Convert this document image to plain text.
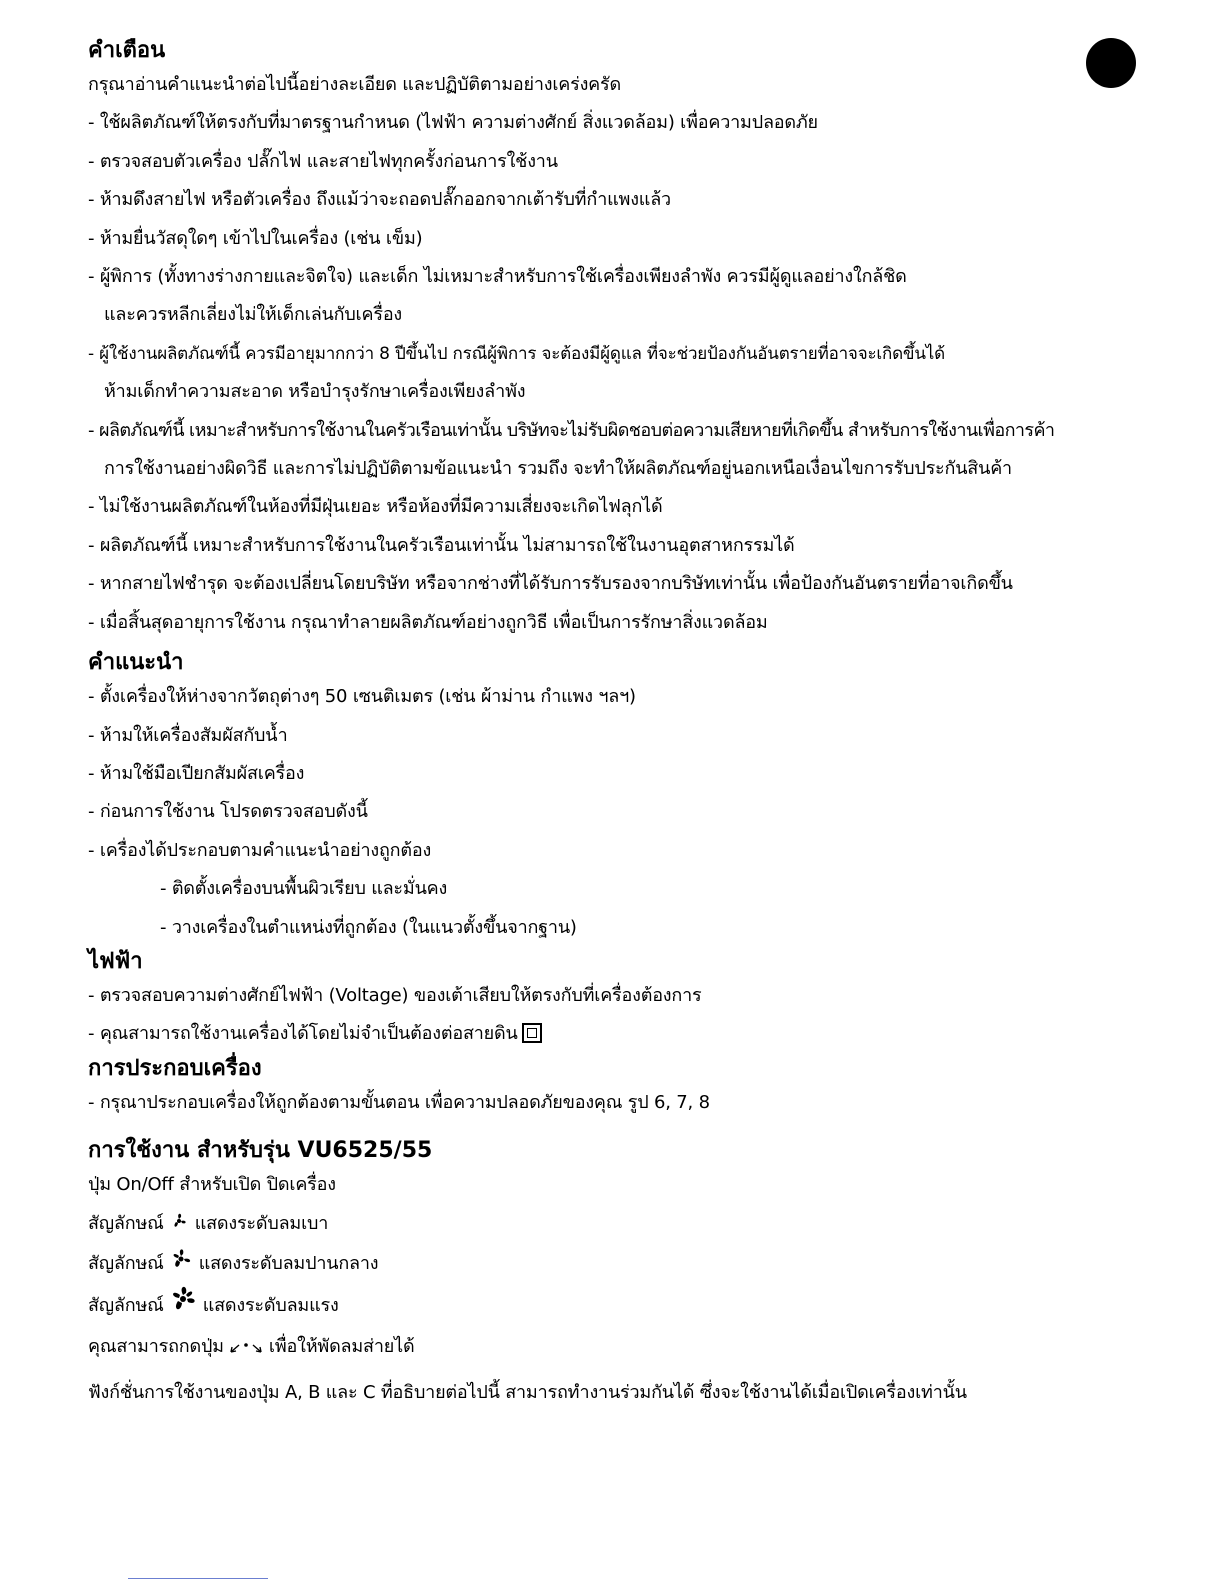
คำเตือน

กรุณาอ่านคำแนะนำต่อไปนี้อย่างละเอียด และปฏิบัติตามอย่างเคร่งครัด

- ใช้ผลิตภัณฑ์ให้ตรงกับที่มาตรฐานกำหนด (ไฟฟ้า ความต่างศักย์ สิ่งแวดล้อม) เพื่อความปลอดภัย

- ตรวจสอบตัวเครื่อง ปลั๊กไฟ และสายไฟทุกครั้งก่อนการใช้งาน

- ห้ามดึงสายไฟ หรือตัวเครื่อง ถึงแม้ว่าจะถอดปลั๊กออกจากเต้ารับที่กำแพงแล้ว

- ห้ามยื่นวัสดุใดๆ เข้าไปในเครื่อง (เช่น เข็ม)

- ผู้พิการ (ทั้งทางร่างกายและจิตใจ) และเด็ก ไม่เหมาะสำหรับการใช้เครื่องเพียงลำพัง ควรมีผู้ดูแลอย่างใกล้ชิด

และควรหลีกเลี่ยงไม่ให้เด็กเล่นกับเครื่อง

- ผู้ใช้งานผลิตภัณฑ์นี้ ควรมีอายุมากกว่า 8 ปีขึ้นไป กรณีผู้พิการ จะต้องมีผู้ดูแล ที่จะช่วยป้องกันอันตรายที่อาจจะเกิดขึ้นได้

ห้ามเด็กทำความสะอาด หรือบำรุงรักษาเครื่องเพียงลำพัง

- ผลิตภัณฑ์นี้ เหมาะสำหรับการใช้งานในครัวเรือนเท่านั้น บริษัทจะไม่รับผิดชอบต่อความเสียหายที่เกิดขึ้น สำหรับการใช้งานเพื่อการค้า

การใช้งานอย่างผิดวิธี และการไม่ปฏิบัติตามข้อแนะนำ รวมถึง จะทำให้ผลิตภัณฑ์อยู่นอกเหนือเงื่อนไขการรับประกันสินค้า

- ไม่ใช้งานผลิตภัณฑ์ในห้องที่มีฝุ่นเยอะ หรือห้องที่มีความเสี่ยงจะเกิดไฟลุกได้

- ผลิตภัณฑ์นี้ เหมาะสำหรับการใช้งานในครัวเรือนเท่านั้น ไม่สามารถใช้ในงานอุตสาหกรรมได้

- หากสายไฟชำรุด จะต้องเปลี่ยนโดยบริษัท หรือจากช่างที่ได้รับการรับรองจากบริษัทเท่านั้น เพื่อป้องกันอันตรายที่อาจเกิดขึ้น

- เมื่อสิ้นสุดอายุการใช้งาน กรุณาทำลายผลิตภัณฑ์อย่างถูกวิธี เพื่อเป็นการรักษาสิ่งแวดล้อม

คำแนะนำ

- ตั้งเครื่องให้ห่างจากวัตถุต่างๆ 50 เซนติเมตร (เช่น ผ้าม่าน กำแพง ฯลฯ)

- ห้ามให้เครื่องสัมผัสกับน้ำ

- ห้ามใช้มือเปียกสัมผัสเครื่อง

- ก่อนการใช้งาน โปรดตรวจสอบดังนี้

- เครื่องได้ประกอบตามคำแนะนำอย่างถูกต้อง

- ติดตั้งเครื่องบนพื้นผิวเรียบ และมั่นคง

- วางเครื่องในตำแหน่งที่ถูกต้อง (ในแนวตั้งขึ้นจากฐาน)

ไฟฟ้า

- ตรวจสอบความต่างศักย์ไฟฟ้า (Voltage) ของเต้าเสียบให้ตรงกับที่เครื่องต้องการ

- คุณสามารถใช้งานเครื่องได้โดยไม่จำเป็นต้องต่อสายดิน

การประกอบเครื่อง

- กรุณาประกอบเครื่องให้ถูกต้องตามขั้นตอน เพื่อความปลอดภัยของคุณ รูป 6, 7, 8

การใช้งาน สำหรับรุ่น VU6525/55

ปุ่ม On/Off สำหรับเปิด ปิดเครื่อง

สัญลักษณ์ แสดงระดับลมเบา

สัญลักษณ์ แสดงระดับลมปานกลาง

สัญลักษณ์ แสดงระดับลมแรง

คุณสามารถกดปุ่ม	เพื่อให้พัดลมส่ายได้

ฟังก์ชั่นการใช้งานของปุ่ม A, B และ C ที่อธิบายต่อไปนี้ สามารถทำงานร่วมกันได้ ซึ่งจะใช้งานได้เมื่อเปิดเครื่องเท่านั้น
